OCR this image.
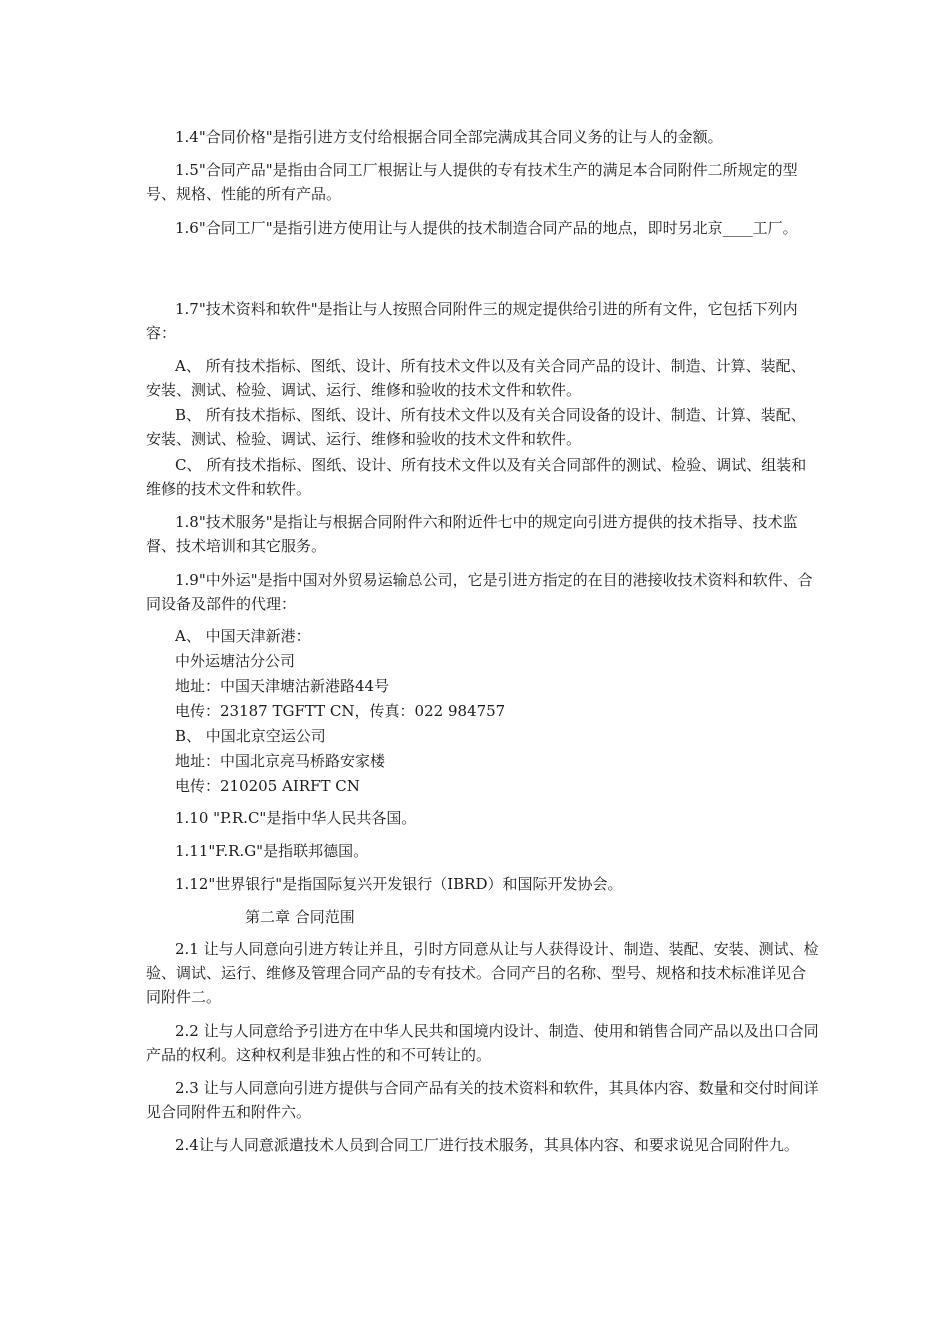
1.4"合同价格"是指引进方支付给根据合同全部完满成其合同义务的让与人的金额。

1.5"合同产品"是指由合同工厂根据让与人提供的专有技术生产的满足本合同附件二所规定的型号、规格、性能的所有产品。

1.6"合同工厂"是指引进方使用让与人提供的技术制造合同产品的地点，即时另北京____工厂。

1.7"技术资料和软件"是指让与人按照合同附件三的规定提供给引进的所有文件，它包括下列内容：

A、 所有技术指标、图纸、设计、所有技术文件以及有关合同产品的设计、制造、计算、装配、安装、测试、检验、调试、运行、维修和验收的技术文件和软件。

B、 所有技术指标、图纸、设计、所有技术文件以及有关合同设备的设计、制造、计算、装配、安装、测试、检验、调试、运行、维修和验收的技术文件和软件。

C、 所有技术指标、图纸、设计、所有技术文件以及有关合同部件的测试、检验、调试、组装和维修的技术文件和软件。

1.8"技术服务"是指让与根据合同附件六和附近件七中的规定向引进方提供的技术指导、技术监督、技术培训和其它服务。

1.9"中外运"是指中国对外贸易运输总公司，它是引进方指定的在目的港接收技术资料和软件、合同设备及部件的代理：

A、 中国天津新港：

中外运塘沽分公司

地址：中国天津塘沽新港路44号

电传：23187 TGFTT CN，传真：022 984757

B、 中国北京空运公司

地址：中国北京亮马桥路安家楼

电传：210205 AIRFT CN

1.10 "P.R.C"是指中华人民共各国。

1.11"F.R.G"是指联邦德国。

1.12"世界银行"是指国际复兴开发银行（IBRD）和国际开发协会。

第二章 合同范围

2.1 让与人同意向引进方转让并且，引时方同意从让与人获得设计、制造、装配、安装、测试、检验、调试、运行、维修及管理合同产品的专有技术。合同产吕的名称、型号、规格和技术标准详见合同附件二。

2.2 让与人同意给予引进方在中华人民共和国境内设计、制造、使用和销售合同产品以及出口合同产品的权利。这种权利是非独占性的和不可转让的。

2.3 让与人同意向引进方提供与合同产品有关的技术资料和软件，其具体内容、数量和交付时间详见合同附件五和附件六。

2.4让与人同意派遣技术人员到合同工厂进行技术服务，其具体内容、和要求说见合同附件九。
